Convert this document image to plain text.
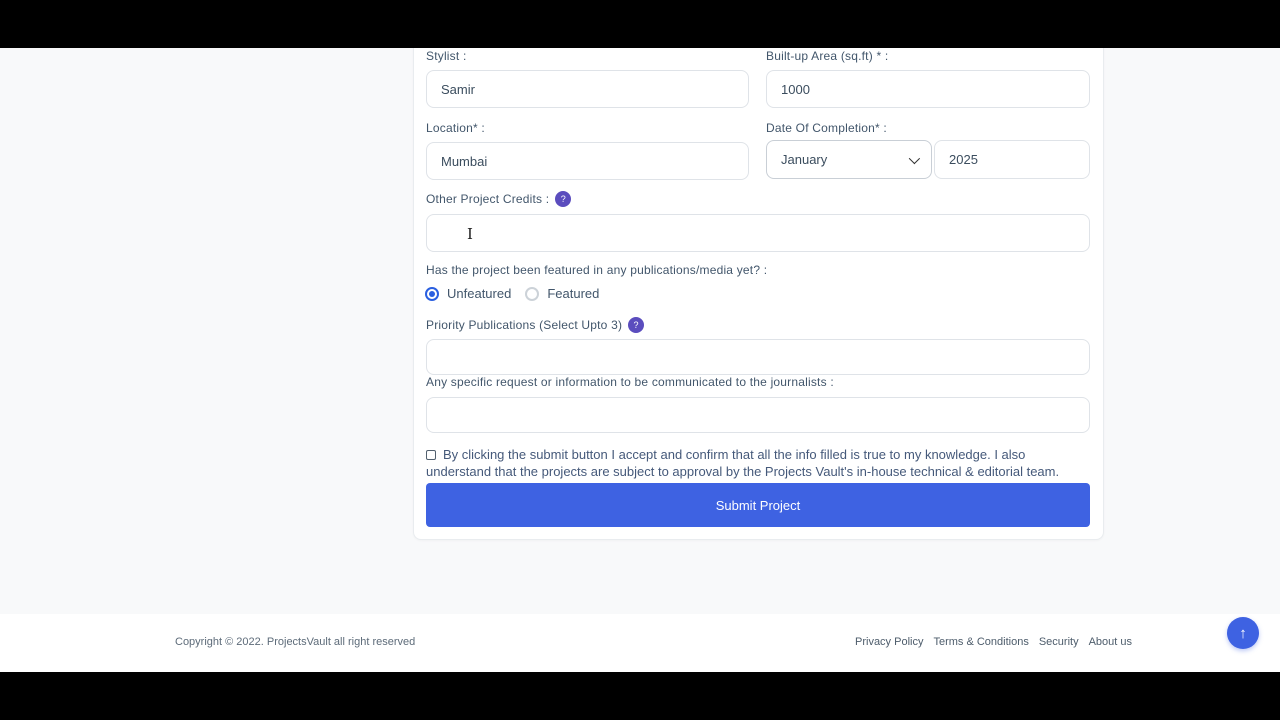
Stylist :
Samir
Built-up Area (sq.ft) * :
1000
Location* :
Mumbai
Date Of Completion* :
January	2025
Other Project Credits :	?
I
Has the project been featured in any publications/media yet? :
Unfeatured	Featured
Priority Publications (Select Upto 3)	?
Any specific request or information to be communicated to the journalists :
By clicking the submit button I accept and confirm that all the info filled is true to my knowledge. I also understand that the projects are subject to approval by the Projects Vault's in-house technical & editorial team.
Submit Project
Copyright © 2022. ProjectsVault all right reserved	Privacy Policy Terms & Conditions Security About us
↑
